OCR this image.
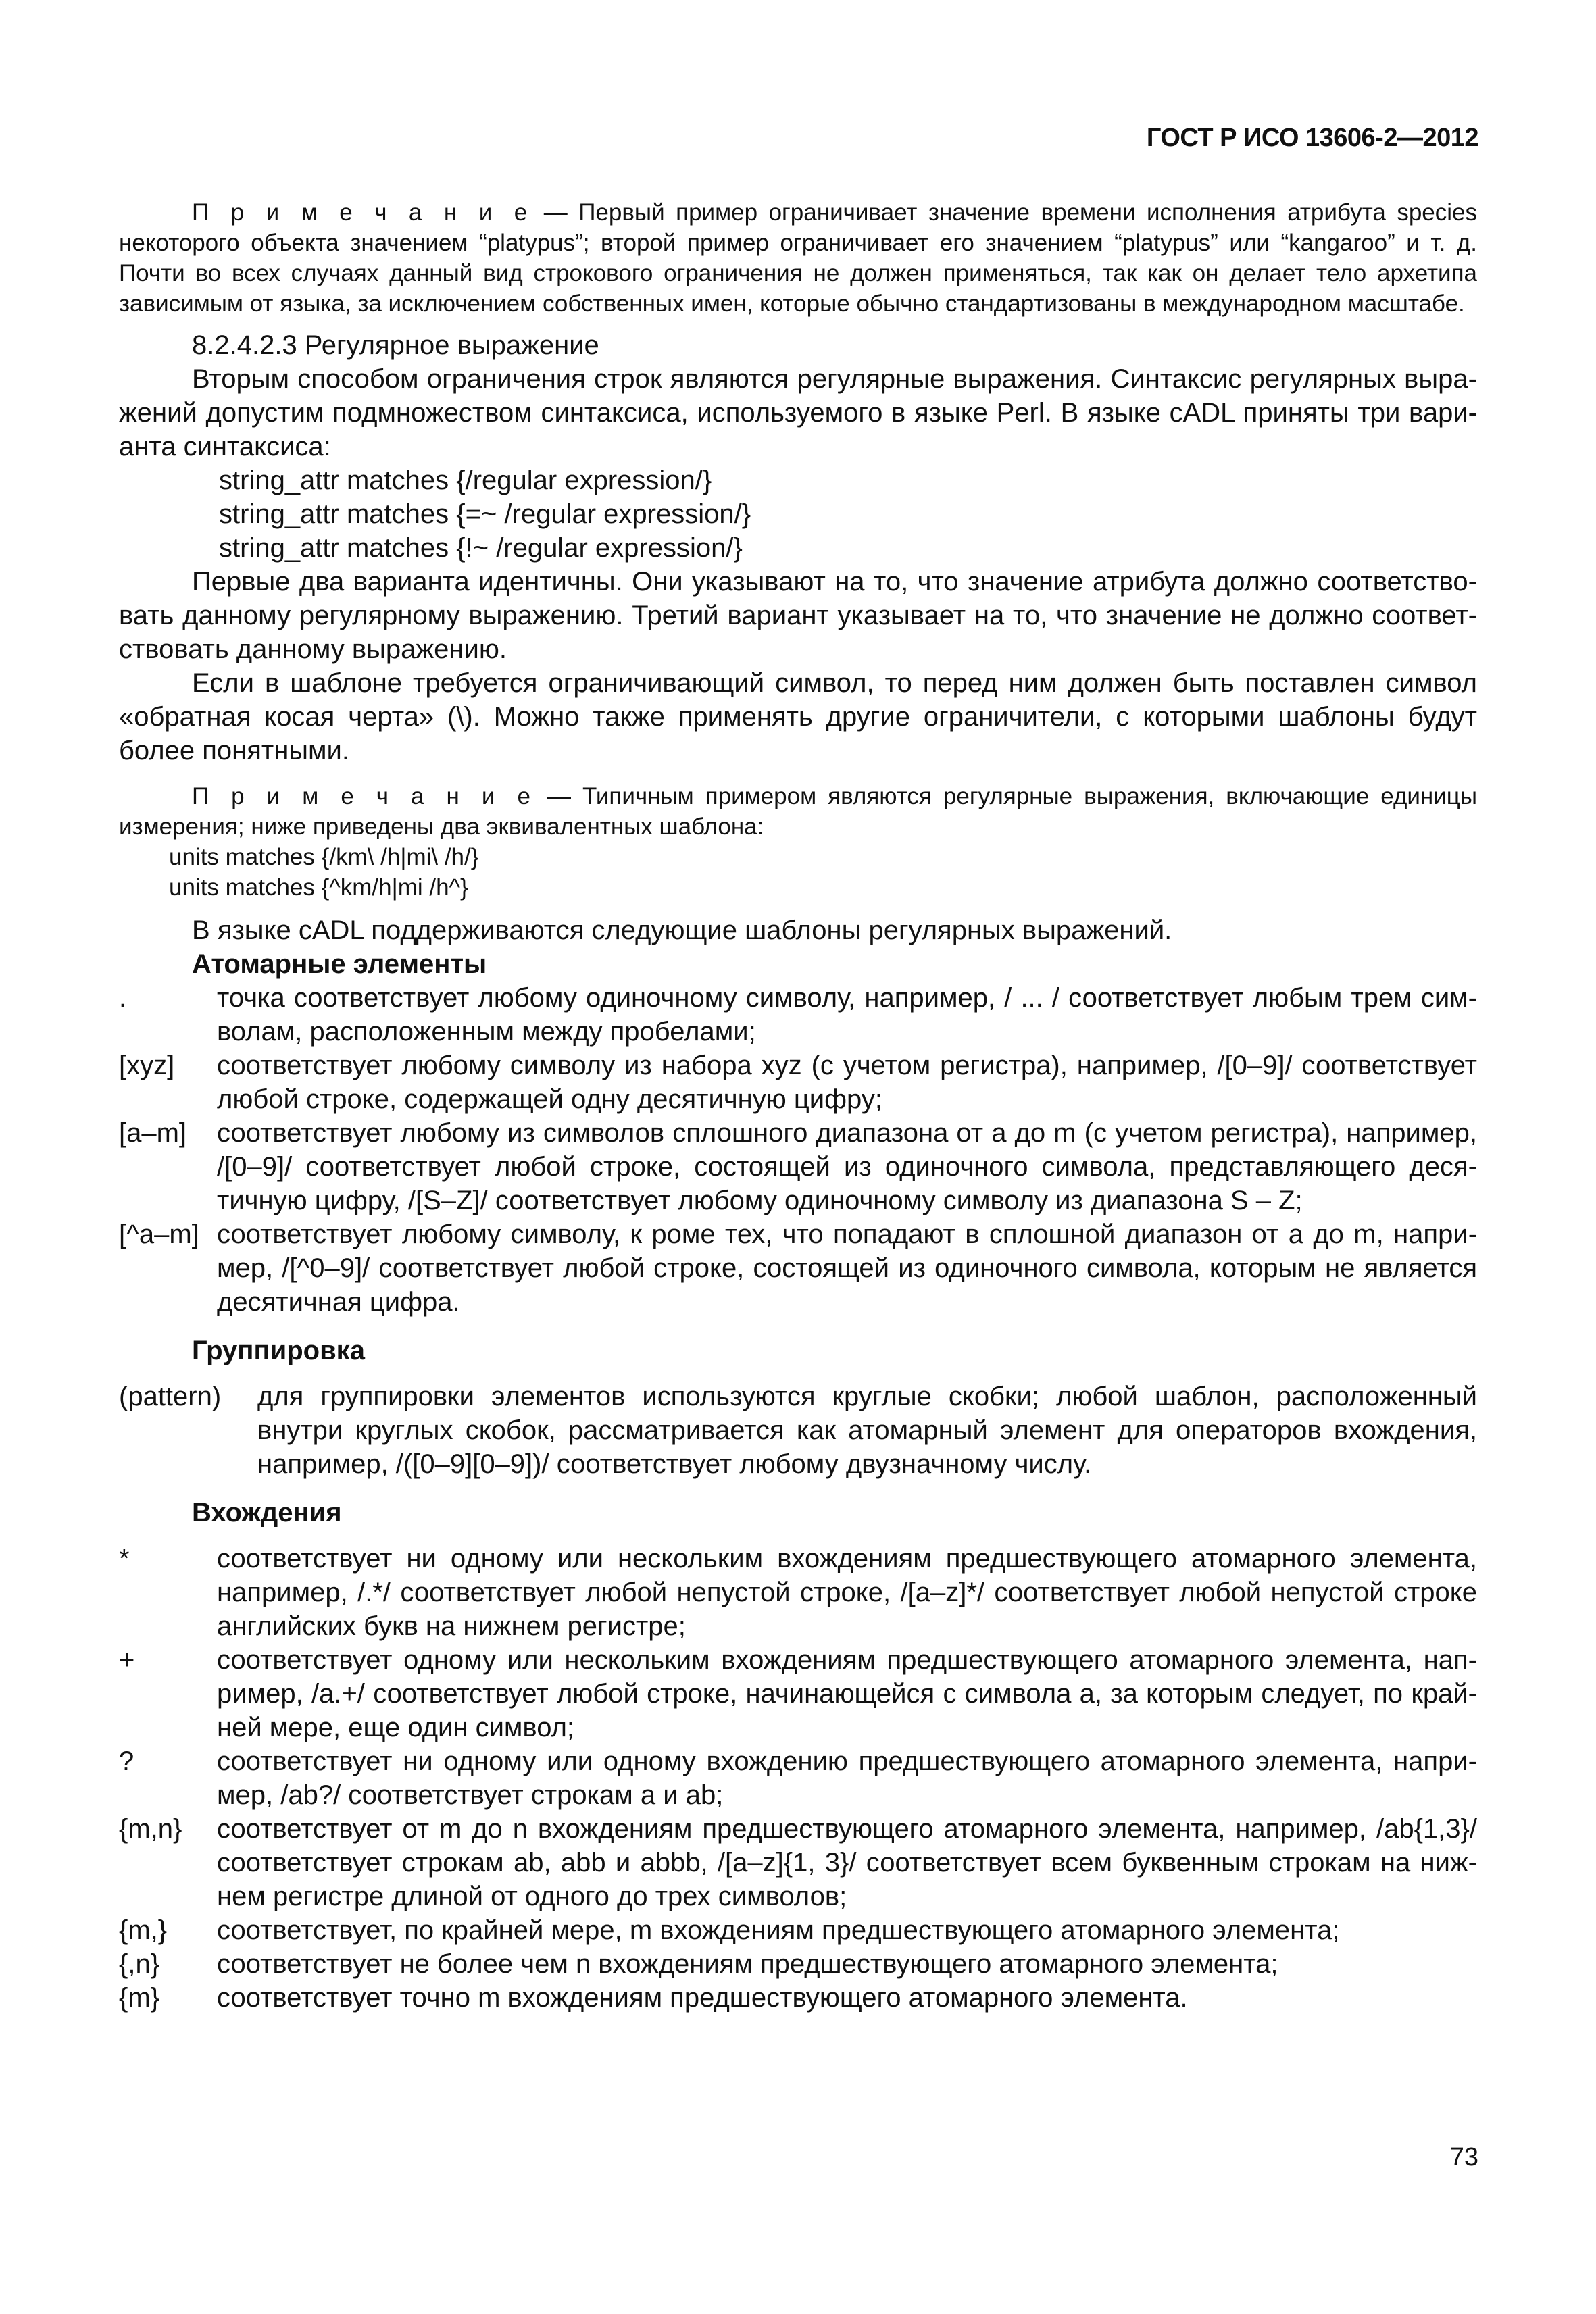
ГОСТ Р ИСО 13606-2—2012

П р и м е ч а н и е — Первый пример ограничивает значение времени исполнения атрибута species некоторого объекта значением “platypus”; второй пример ограничивает его значением “platypus” или “kangaroo” и т. д. Почти во всех случаях данный вид строкового ограничения не должен применяться, так как он делает тело архетипа зависимым от языка, за исключением собственных имен, которые обычно стандартизованы в международном масштабе.

8.2.4.2.3 Регулярное выражение

Вторым способом ограничения строк являются регулярные выражения. Синтаксис регулярных выражений допустим подмножеством синтаксиса, используемого в языке Perl. В языке cADL приняты три варианта синтаксиса:

string_attr matches {/regular expression/}

string_attr matches {=~ /regular expression/}

string_attr matches {!~ /regular expression/}

Первые два варианта идентичны. Они указывают на то, что значение атрибута должно соответствовать данному регулярному выражению. Третий вариант указывает на то, что значение не должно соответствовать данному выражению.

Если в шаблоне требуется ограничивающий символ, то перед ним должен быть поставлен символ «обратная косая черта» (\). Можно также применять другие ограничители, с которыми шаблоны будут более понятными.

П р и м е ч а н и е — Типичным примером являются регулярные выражения, включающие единицы измерения; ниже приведены два эквивалентных шаблона:

units matches {/km\ /h|mi\ /h/}

units matches {^km/h|mi /h^}

В языке cADL поддерживаются следующие шаблоны регулярных выражений.

Атомарные элементы

.	точка соответствует любому одиночному символу, например, / ... / соответствует любым трем символам, расположенным между пробелами;
[xyz]	соответствует любому символу из набора xyz (с учетом регистра), например, /[0–9]/ соответствует любой строке, содержащей одну десятичную цифру;
[a–m]	соответствует любому из символов сплошного диапазона от a до m (с учетом регистра), например, /[0–9]/ соответствует любой строке, состоящей из одиночного символа, представляющего десятичную цифру, /[S–Z]/ соответствует любому одиночному символу из диапазона S – Z;
[^a–m] соответствует любому символу, к роме тех, что попадают в сплошной диапазон от a до m, например, /[^0–9]/ соответствует любой строке, состоящей из одиночного символа, которым не является десятичная цифра.

Группировка

(pattern)	для группировки элементов используются круглые скобки; любой шаблон, расположенный внутри круглых скобок, рассматривается как атомарный элемент для операторов вхождения, например, /([0–9][0–9])/ соответствует любому двузначному числу.

Вхождения

*	соответствует ни одному или нескольким вхождениям предшествующего атомарного элемента, например, /.*/ соответствует любой непустой строке, /[a–z]*/ соответствует любой непустой строке английских букв на нижнем регистре;
+	соответствует одному или нескольким вхождениям предшествующего атомарного элемента, например, /a.+/ соответствует любой строке, начинающейся с символа а, за которым следует, по крайней мере, еще один символ;
?	соответствует ни одному или одному вхождению предшествующего атомарного элемента, например, /ab?/ соответствует строкам a и ab;
{m,n}	соответствует от m до n вхождениям предшествующего атомарного элемента, например, /ab{1,3}/ соответствует строкам ab, abb и abbb, /[a–z]{1, 3}/ соответствует всем буквенным строкам на нижнем регистре длиной от одного до трех символов;
{m,}	соответствует, по крайней мере, m вхождениям предшествующего атомарного элемента;
{,n}	соответствует не более чем n вхождениям предшествующего атомарного элемента;
{m}	соответствует точно m вхождениям предшествующего атомарного элемента.
73
